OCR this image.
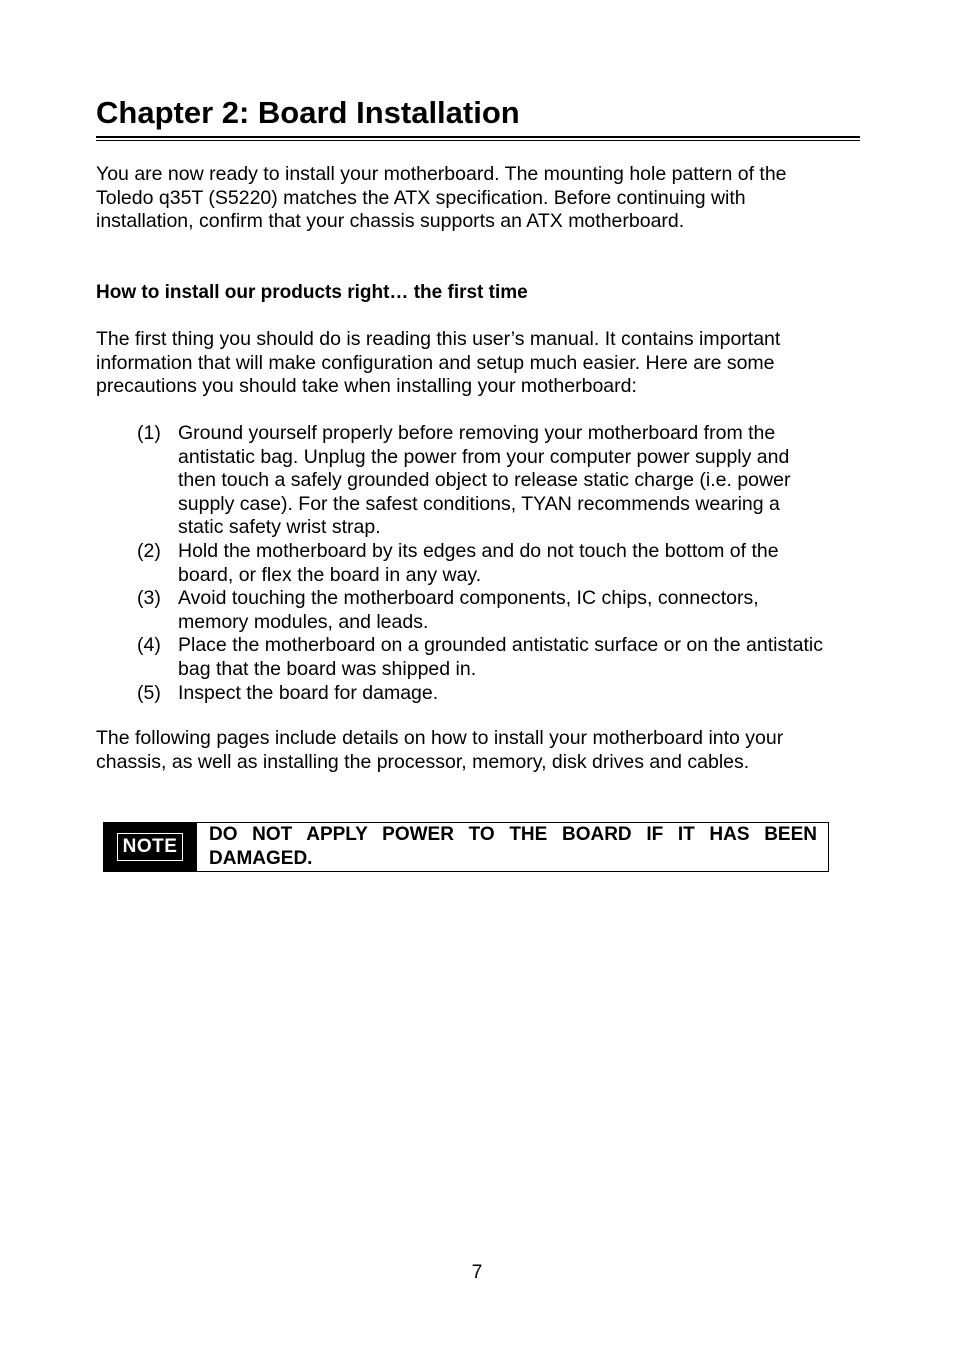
Chapter 2: Board Installation

You are now ready to install your motherboard. The mounting hole pattern of the
Toledo q35T (S5220) matches the ATX specification. Before continuing with
installation, confirm that your chassis supports an ATX motherboard.

How to install our products right… the first time

The first thing you should do is reading this user’s manual. It contains important
information that will make configuration and setup much easier. Here are some
precautions you should take when installing your motherboard:

(1) Ground yourself properly before removing your motherboard from the
antistatic bag. Unplug the power from your computer power supply and
then touch a safely grounded object to release static charge (i.e. power
supply case). For the safest conditions, TYAN recommends wearing a
static safety wrist strap.
(2) Hold the motherboard by its edges and do not touch the bottom of the
board, or flex the board in any way.
(3) Avoid touching the motherboard components, IC chips, connectors,
memory modules, and leads.
(4) Place the motherboard on a grounded antistatic surface or on the antistatic
bag that the board was shipped in.
(5) Inspect the board for damage.

The following pages include details on how to install your motherboard into your
chassis, as well as installing the processor, memory, disk drives and cables.

NOTE
DO NOT APPLY POWER TO THE BOARD IF IT HAS BEEN
DAMAGED.
7
